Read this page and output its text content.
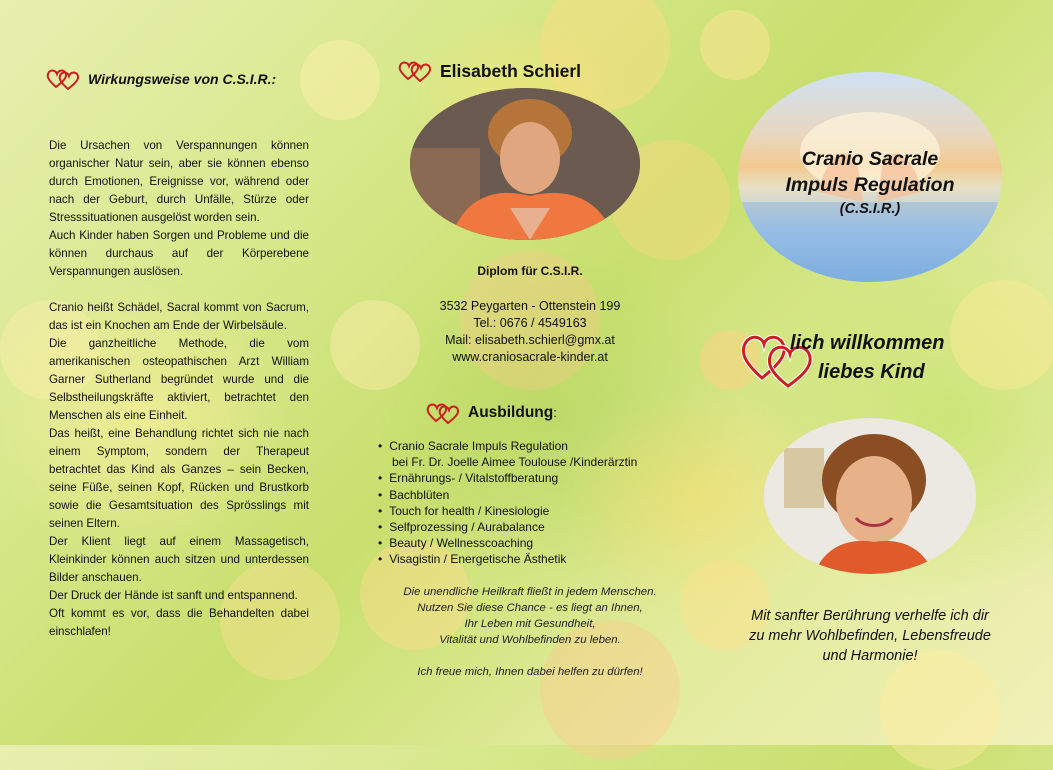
Wirkungsweise von C.S.I.R.:

Die Ursachen von Verspannungen können organischer Natur sein, aber sie können ebenso durch Emotionen, Ereignisse vor, während oder nach der Geburt, durch Unfälle, Stürze oder Stresssituationen ausgelöst worden sein.

Auch Kinder haben Sorgen und Probleme und die können durchaus auf der Körperebene Verspannungen auslösen.

Cranio heißt Schädel, Sacral kommt von Sacrum, das ist ein Knochen am Ende der Wirbelsäule.

Die ganzheitliche Methode, die vom amerikanischen osteopathischen Arzt William Garner Sutherland begründet wurde und die Selbstheilungskräfte aktiviert, betrachtet den Menschen als eine Einheit.

Das heißt, eine Behandlung richtet sich nie nach einem Symptom, sondern der Therapeut betrachtet das Kind als Ganzes – sein Becken, seine Füße, seinen Kopf, Rücken und Brustkorb sowie die Gesamtsituation des Sprösslings mit seinen Eltern.

Der Klient liegt auf einem Massagetisch, Kleinkinder können auch sitzen und unterdessen Bilder anschauen.

Der Druck der Hände ist sanft und entspannend.

Oft kommt es vor, dass die Behandelten dabei einschlafen!

Elisabeth Schierl
Diplom für C.S.I.R.
3532 Peygarten - Ottenstein 199
Tel.: 0676 / 4549163
Mail: elisabeth.schierl@gmx.at
www.craniosacrale-kinder.at
Ausbildung:
• Cranio Sacrale Impuls Regulation
bei Fr. Dr. Joelle Aimee Toulouse /Kinderärztin
• Ernährungs- / Vitalstoffberatung
• Bachblüten
• Touch for health / Kinesiologie
• Selfprozessing / Aurabalance
• Beauty / Wellnesscoaching
• Visagistin / Energetische Ästhetik

Die unendliche Heilkraft fließt in jedem Menschen.

Nutzen Sie diese Chance - es liegt an Ihnen,

Ihr Leben mit Gesundheit,

Vitalität und Wohlbefinden zu leben.

Ich freue mich, Ihnen dabei helfen zu dürfen!

Cranio Sacrale
Impuls Regulation
(C.S.I.R.)
lich willkommen
liebes Kind

Mit sanfter Berührung verhelfe ich dir

zu mehr Wohlbefinden, Lebensfreude

und Harmonie!
